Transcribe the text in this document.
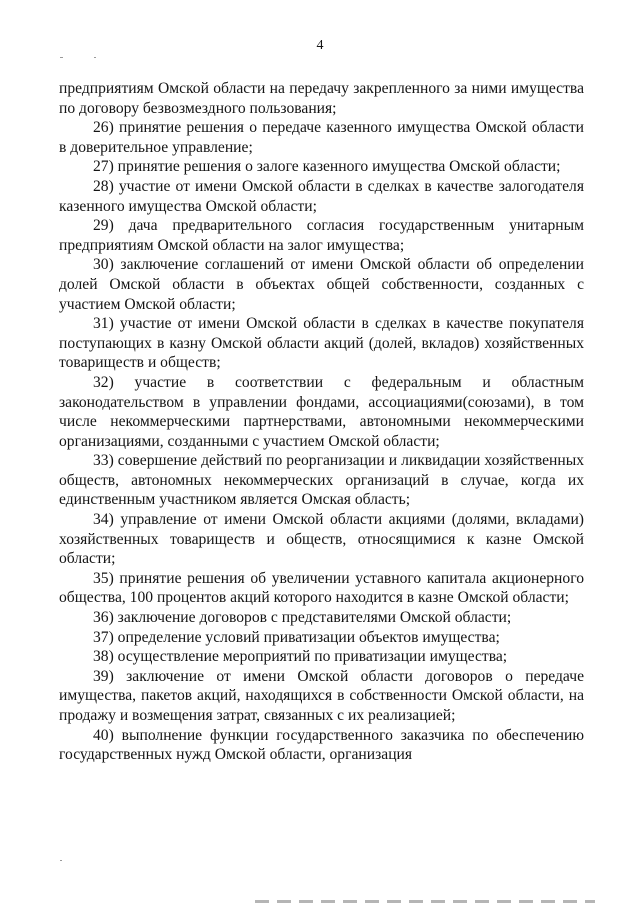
4

предприятиям Омской области на передачу закрепленного за ними имущества по договору безвозмездного пользования;

26) принятие решения о передаче казенного имущества Омской области в доверительное управление;

27) принятие решения о залоге казенного имущества Омской области;

28) участие от имени Омской области в сделках в качестве залогодателя казенного имущества Омской области;

29) дача предварительного согласия государственным унитарным предприятиям Омской области на залог имущества;

30) заключение соглашений от имени Омской области об определении долей Омской области в объектах общей собственности, созданных с участием Омской области;

31) участие от имени Омской области в сделках в качестве покупателя поступающих в казну Омской области акций (долей, вкладов) хозяйственных товариществ и обществ;

32) участие в соответствии с федеральным и областным законодательством в управлении фондами, ассоциациями(союзами), в том числе некоммерческими партнерствами, автономными некоммерческими организациями, созданными с участием Омской области;

33) совершение действий по реорганизации и ликвидации хозяйственных обществ, автономных некоммерческих организаций в случае, когда их единственным участником является Омская область;

34) управление от имени Омской области акциями (долями, вкладами) хозяйственных товариществ и обществ, относящимися к казне Омской области;

35) принятие решения об увеличении уставного капитала акционерного общества, 100 процентов акций которого находится в казне Омской области;

36) заключение договоров с представителями Омской области;

37) определение условий приватизации объектов имущества;

38) осуществление мероприятий по приватизации имущества;

39) заключение от имени Омской области договоров о передаче имущества, пакетов акций, находящихся в собственности Омской области, на продажу и возмещения затрат, связанных с их реализацией;

40) выполнение функции государственного заказчика по обеспечению государственных нужд Омской области, организация
